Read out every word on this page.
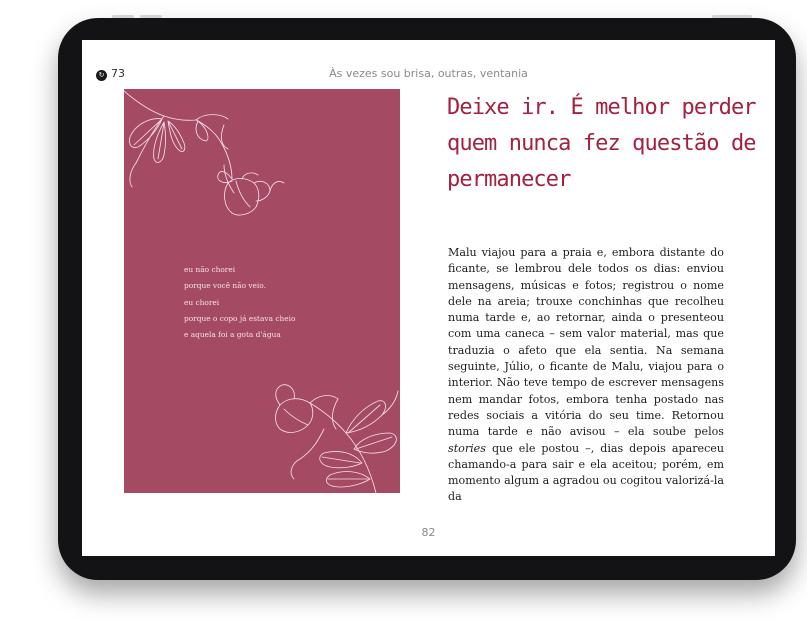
↻ 73	Às vezes sou brisa, outras, ventania
eu não chorei
porque você não veio.
eu chorei
porque o copo já estava cheio
e aquela foi a gota d'água
Deixe ir. É melhor perder quem nunca fez questão de permanecer

Malu viajou para a praia e, embora distante do ficante, se lembrou dele todos os dias: enviou mensagens, músicas e fotos; registrou o nome dele na areia; trouxe conchinhas que recolheu numa tarde e, ao retornar, ainda o presenteou com uma caneca – sem valor material, mas que traduzia o afeto que ela sentia. Na semana seguinte, Júlio, o ficante de Malu, viajou para o interior. Não teve tempo de escrever mensagens nem mandar fotos, embora tenha postado nas redes sociais a vitória do seu time. Retornou numa tarde e não avisou – ela soube pelos stories que ele postou –, dias depois apareceu chamando-a para sair e ela aceitou; porém, em momento algum a agradou ou cogitou valorizá-la da

82
